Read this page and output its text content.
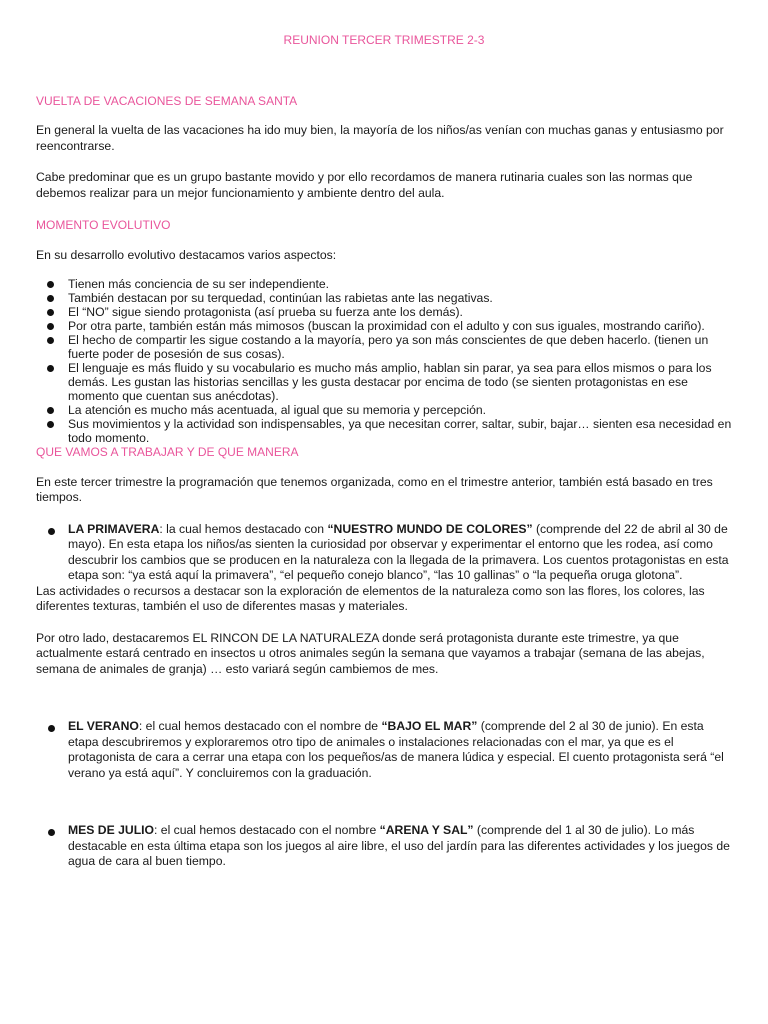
REUNION TERCER TRIMESTRE 2-3
VUELTA DE VACACIONES DE SEMANA SANTA

En general la vuelta de las vacaciones ha ido muy bien, la mayoría de los niños/as venían con muchas ganas y entusiasmo por reencontrarse.

Cabe predominar que es un grupo bastante movido y por ello recordamos de manera rutinaria cuales son las normas que debemos realizar para un mejor funcionamiento y ambiente dentro del aula.

MOMENTO EVOLUTIVO

En su desarrollo evolutivo destacamos varios aspectos:

Tienen más conciencia de su ser independiente.
También destacan por su terquedad, continúan las rabietas ante las negativas.
El “NO” sigue siendo protagonista (así prueba su fuerza ante los demás).
Por otra parte, también están más mimosos (buscan la proximidad con el adulto y con sus iguales, mostrando cariño).
El hecho de compartir les sigue costando a la mayoría, pero ya son más conscientes de que deben hacerlo. (tienen un fuerte poder de posesión de sus cosas).
El lenguaje es más fluido y su vocabulario es mucho más amplio, hablan sin parar, ya sea para ellos mismos o para los demás. Les gustan las historias sencillas y les gusta destacar por encima de todo (se sienten protagonistas en ese momento que cuentan sus anécdotas).
La atención es mucho más acentuada, al igual que su memoria y percepción.
Sus movimientos y la actividad son indispensables, ya que necesitan correr, saltar, subir, bajar… sienten esa necesidad en todo momento.
QUE VAMOS A TRABAJAR Y DE QUE MANERA

En este tercer trimestre la programación que tenemos organizada, como en el trimestre anterior, también está basado en tres tiempos.

LA PRIMAVERA: la cual hemos destacado con “NUESTRO MUNDO DE COLORES” (comprende del 22 de abril al 30 de mayo). En esta etapa los niños/as sienten la curiosidad por observar y experimentar el entorno que les rodea, así como descubrir los cambios que se producen en la naturaleza con la llegada de la primavera. Los cuentos protagonistas en esta etapa son: “ya está aquí la primavera”, “el pequeño conejo blanco”, “las 10 gallinas” o “la pequeña oruga glotona”.

Las actividades o recursos a destacar son la exploración de elementos de la naturaleza como son las flores, los colores, las diferentes texturas, también el uso de diferentes masas y materiales.

Por otro lado, destacaremos EL RINCON DE LA NATURALEZA donde será protagonista durante este trimestre, ya que actualmente estará centrado en insectos u otros animales según la semana que vayamos a trabajar (semana de las abejas, semana de animales de granja) … esto variará según cambiemos de mes.

EL VERANO: el cual hemos destacado con el nombre de “BAJO EL MAR” (comprende del 2 al 30 de junio). En esta etapa descubriremos y exploraremos otro tipo de animales o instalaciones relacionadas con el mar, ya que es el protagonista de cara a cerrar una etapa con los pequeños/as de manera lúdica y especial. El cuento protagonista será “el verano ya está aquí”. Y concluiremos con la graduación.
MES DE JULIO: el cual hemos destacado con el nombre “ARENA Y SAL” (comprende del 1 al 30 de julio). Lo más destacable en esta última etapa son los juegos al aire libre, el uso del jardín para las diferentes actividades y los juegos de agua de cara al buen tiempo.
